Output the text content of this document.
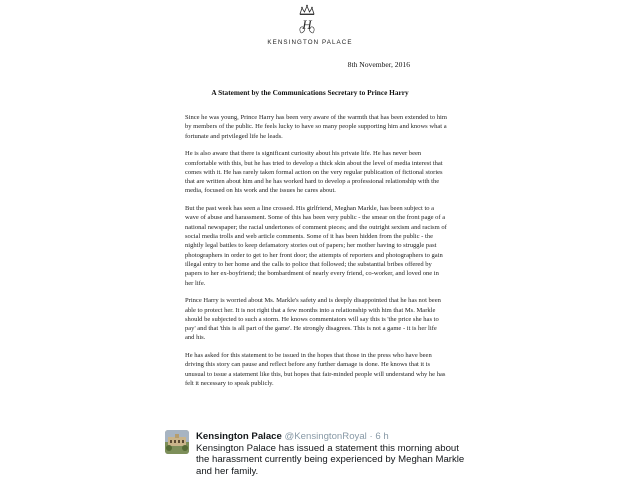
H
KENSINGTON PALACE
8th November, 2016
A Statement by the Communications Secretary to Prince Harry

Since he was young, Prince Harry has been very aware of the warmth that has been extended to him by members of the public. He feels lucky to have so many people supporting him and knows what a fortunate and privileged life he leads.

He is also aware that there is significant curiosity about his private life. He has never been comfortable with this, but he has tried to develop a thick skin about the level of media interest that comes with it. He has rarely taken formal action on the very regular publication of fictional stories that are written about him and he has worked hard to develop a professional relationship with the media, focused on his work and the issues he cares about.

But the past week has seen a line crossed. His girlfriend, Meghan Markle, has been subject to a wave of abuse and harassment. Some of this has been very public - the smear on the front page of a national newspaper; the racial undertones of comment pieces; and the outright sexism and racism of social media trolls and web article comments. Some of it has been hidden from the public - the nightly legal battles to keep defamatory stories out of papers; her mother having to struggle past photographers in order to get to her front door; the attempts of reporters and photographers to gain illegal entry to her home and the calls to police that followed; the substantial bribes offered by papers to her ex-boyfriend; the bombardment of nearly every friend, co-worker, and loved one in her life.

Prince Harry is worried about Ms. Markle's safety and is deeply disappointed that he has not been able to protect her. It is not right that a few months into a relationship with him that Ms. Markle should be subjected to such a storm. He knows commentators will say this is 'the price she has to pay' and that 'this is all part of the game'. He strongly disagrees. This is not a game - it is her life and his.

He has asked for this statement to be issued in the hopes that those in the press who have been driving this story can pause and reflect before any further damage is done. He knows that it is unusual to issue a statement like this, but hopes that fair-minded people will understand why he has felt it necessary to speak publicly.

Kensington Palace @KensingtonRoyal · 6 h
Kensington Palace has issued a statement this morning about the harassment currently being experienced by Meghan Markle and her family.
